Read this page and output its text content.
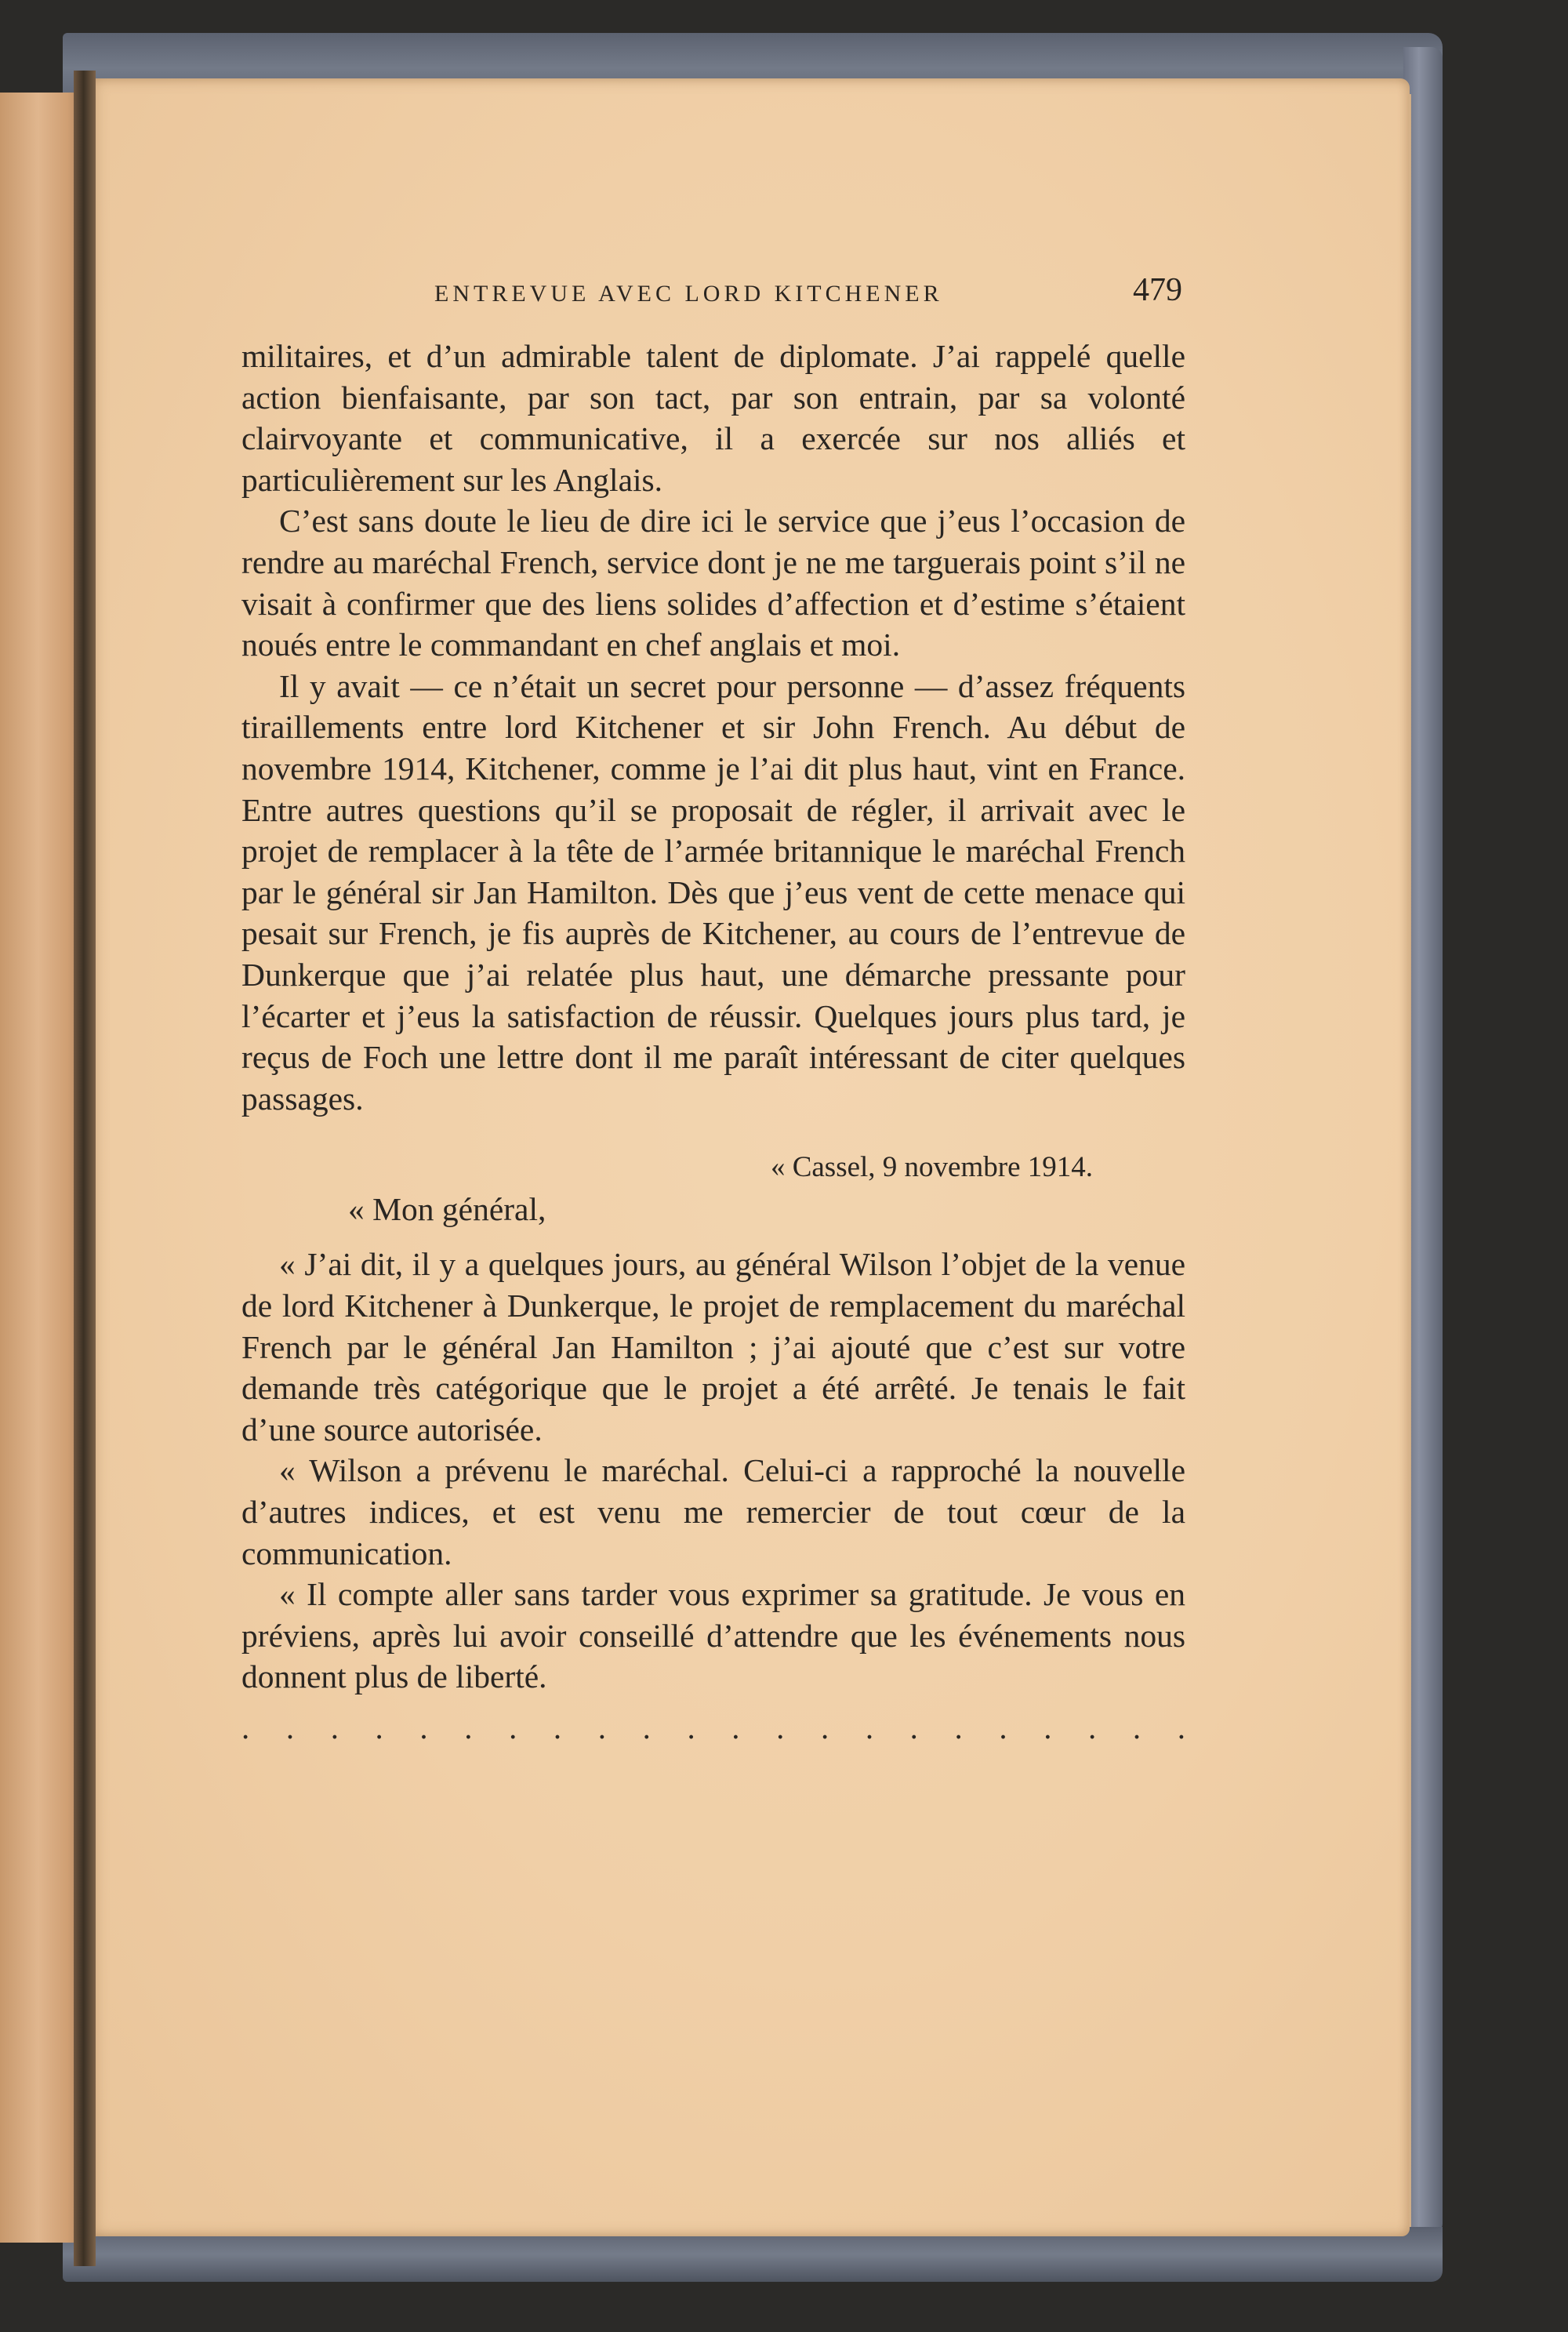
ENTREVUE AVEC LORD KITCHENER	479

militaires, et d’un admirable talent de diplomate. J’ai rappelé quelle action bienfaisante, par son tact, par son entrain, par sa volonté clairvoyante et communicative, il a exercée sur nos alliés et particulièrement sur les Anglais.

C’est sans doute le lieu de dire ici le service que j’eus l’occasion de rendre au maréchal French, service dont je ne me targuerais point s’il ne visait à confirmer que des liens solides d’affection et d’estime s’étaient noués entre le commandant en chef anglais et moi.

Il y avait — ce n’était un secret pour personne — d’assez fréquents tiraillements entre lord Kitchener et sir John French. Au début de novembre 1914, Kitchener, comme je l’ai dit plus haut, vint en France. Entre autres questions qu’il se proposait de régler, il arrivait avec le projet de remplacer à la tête de l’armée britannique le maréchal French par le général sir Jan Hamilton. Dès que j’eus vent de cette menace qui pesait sur French, je fis auprès de Kitchener, au cours de l’entrevue de Dunkerque que j’ai relatée plus haut, une démarche pressante pour l’écarter et j’eus la satisfaction de réussir. Quelques jours plus tard, je reçus de Foch une lettre dont il me paraît intéressant de citer quelques passages.

« Cassel, 9 novembre 1914.

« Mon général,

« J’ai dit, il y a quelques jours, au général Wilson l’objet de la venue de lord Kitchener à Dunkerque, le projet de remplacement du maréchal French par le général Jan Hamilton ; j’ai ajouté que c’est sur votre demande très catégorique que le projet a été arrêté. Je tenais le fait d’une source autorisée.

« Wilson a prévenu le maréchal. Celui-ci a rapproché la nouvelle d’autres indices, et est venu me remercier de tout cœur de la communication.

« Il compte aller sans tarder vous exprimer sa gratitude. Je vous en préviens, après lui avoir conseillé d’attendre que les événements nous donnent plus de liberté.

. . . . . . . . . . . . . . . . . . . . . .
